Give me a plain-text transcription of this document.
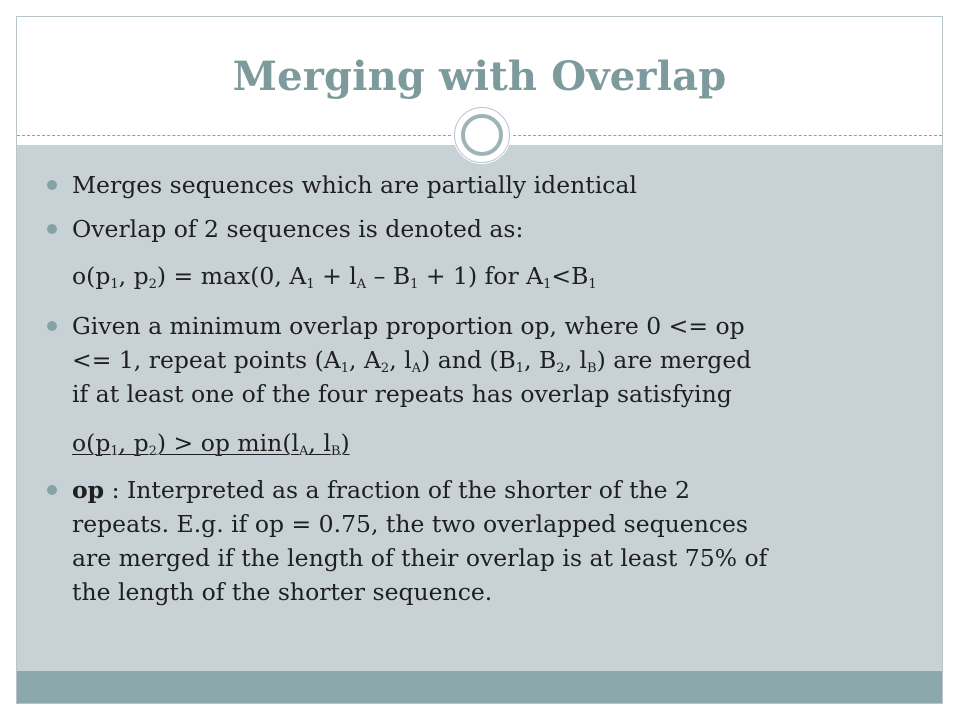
Merging with Overlap
Merges sequences which are partially identical
Overlap of 2 sequences is denoted as:
$o(p_1$, $p_2) = \max(0$, $A_1 + l_A - B_1 + 1$) for $A_1<B_1$
Given a minimum overlap proportion op, where 0 <= op
<= 1, repeat points ($A_1$, $A_2$, $l_A$) and ($B_1$, $B_2$, $l_B$) are merged
if at least one of the four repeats has overlap satisfying
$o(p_1$, $p_2$) > op $\min(l_A$, $l_B$)
op : Interpreted as a fraction of the shorter of the 2
repeats. E.g. if op = 0.75, the two overlapped sequences
are merged if the length of their overlap is at least 75% of
the length of the shorter sequence.
